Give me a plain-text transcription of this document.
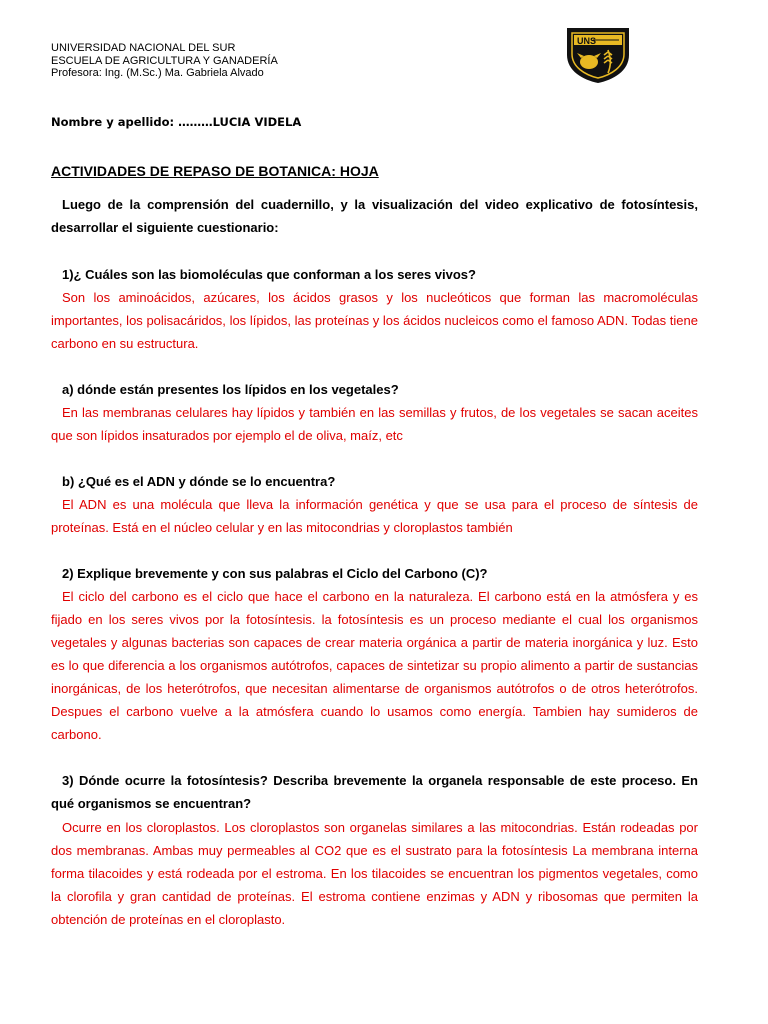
UNIVERSIDAD NACIONAL DEL SUR
ESCUELA DE AGRICULTURA Y GANADERÍA
Profesora: Ing. (M.Sc.) Ma. Gabriela Alvado
UNS
Nombre y apellido: ………LUCIA VIDELA
ACTIVIDADES DE REPASO DE BOTANICA: HOJA
Luego de la comprensión del cuadernillo, y la visualización del video explicativo de fotosíntesis, desarrollar el siguiente cuestionario:
1)¿ Cuáles son las biomoléculas que conforman a los seres vivos?
Son los aminoácidos, azúcares, los ácidos grasos y los nucleóticos que forman las macromoléculas importantes, los polisacáridos, los lípidos, las proteínas y los ácidos nucleicos como el famoso ADN. Todas tiene carbono en su estructura.
a) dónde están presentes los lípidos en los vegetales?
En las membranas celulares hay lípidos y también en las semillas y frutos, de los vegetales se sacan aceites que son lípidos insaturados por ejemplo el de oliva, maíz, etc
b) ¿Qué es el ADN y dónde se lo encuentra?
El ADN es una molécula que lleva la información genética y que se usa para el proceso de síntesis de proteínas. Está en el núcleo celular y en las mitocondrias y cloroplastos también
2) Explique brevemente y con sus palabras el Ciclo del Carbono (C)?
El ciclo del carbono es el ciclo que hace el carbono en la naturaleza. El carbono está en la atmósfera y es fijado en los seres vivos por la fotosíntesis. la fotosíntesis es un proceso mediante el cual los organismos vegetales y algunas bacterias son capaces de crear materia orgánica a partir de materia inorgánica y luz. Esto es lo que diferencia a los organismos autótrofos, capaces de sintetizar su propio alimento a partir de sustancias inorgánicas, de los heterótrofos, que necesitan alimentarse de organismos autótrofos o de otros heterótrofos. Despues el carbono vuelve a la atmósfera cuando lo usamos como energía. Tambien hay sumideros de carbono.
3) Dónde ocurre la fotosíntesis? Describa brevemente la organela responsable de este proceso. En qué organismos se encuentran?
Ocurre en los cloroplastos. Los cloroplastos son organelas similares a las mitocondrias. Están rodeadas por dos membranas. Ambas muy permeables al CO2 que es el sustrato para la fotosíntesis La membrana interna forma tilacoides y está rodeada por el estroma. En los tilacoides se encuentran los pigmentos vegetales, como la clorofila y gran cantidad de proteínas. El estroma contiene enzimas y ADN y ribosomas que permiten la obtención de proteínas en el cloroplasto.
